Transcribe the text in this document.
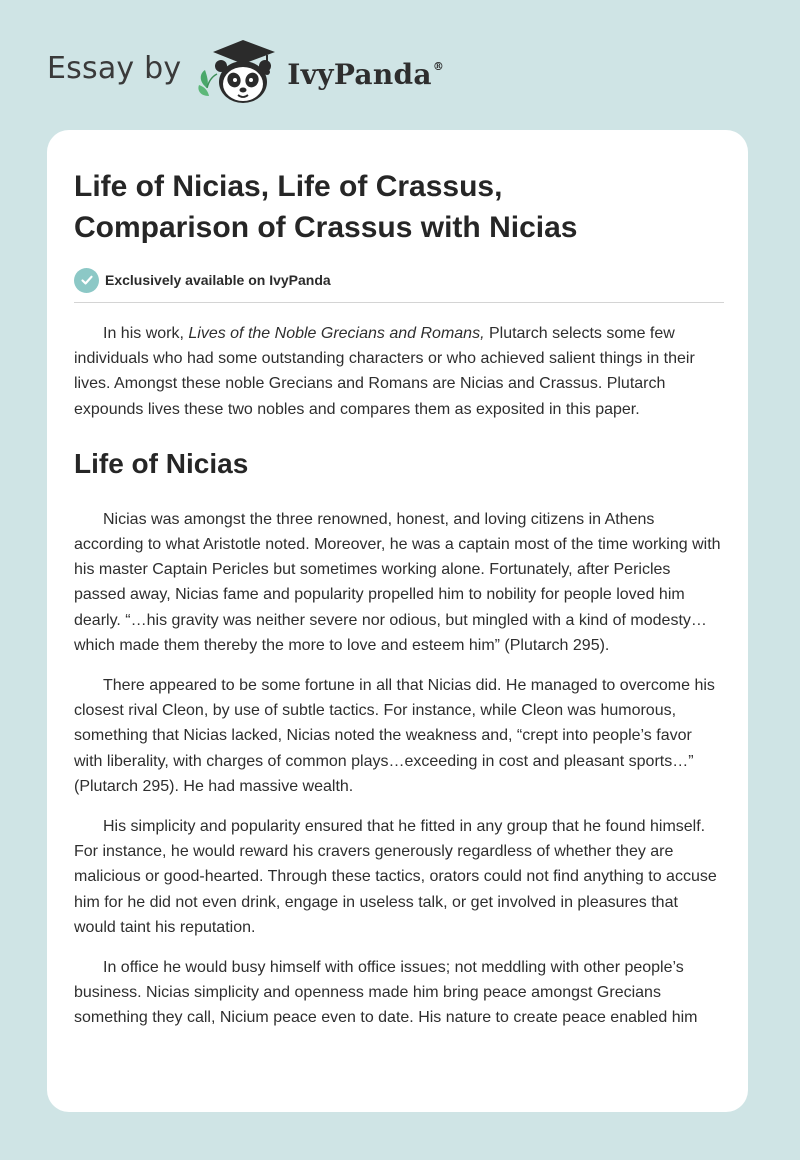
Essay by	IvyPanda®
Life of Nicias, Life of Crassus,
Comparison of Crassus with Nicias
Exclusively available on IvyPanda

In his work, Lives of the Noble Grecians and Romans, Plutarch selects some few individuals who had some outstanding characters or who achieved salient things in their lives. Amongst these noble Grecians and Romans are Nicias and Crassus. Plutarch expounds lives these two nobles and compares them as exposited in this paper.

Life of Nicias

Nicias was amongst the three renowned, honest, and loving citizens in Athens according to what Aristotle noted. Moreover, he was a captain most of the time working with his master Captain Pericles but sometimes working alone. Fortunately, after Pericles passed away, Nicias fame and popularity propelled him to nobility for people loved him dearly. “…his gravity was neither severe nor odious, but mingled with a kind of modesty…which made them thereby the more to love and esteem him” (Plutarch 295).

There appeared to be some fortune in all that Nicias did. He managed to overcome his closest rival Cleon, by use of subtle tactics. For instance, while Cleon was humorous, something that Nicias lacked, Nicias noted the weakness and, “crept into people’s favor with liberality, with charges of common plays…exceeding in cost and pleasant sports…” (Plutarch 295). He had massive wealth.

His simplicity and popularity ensured that he fitted in any group that he found himself. For instance, he would reward his cravers generously regardless of whether they are malicious or good-hearted. Through these tactics, orators could not find anything to accuse him for he did not even drink, engage in useless talk, or get involved in pleasures that would taint his reputation.

In office he would busy himself with office issues; not meddling with other people’s business. Nicias simplicity and openness made him bring peace amongst Grecians something they call, Nicium peace even to date. His nature to create peace enabled him
